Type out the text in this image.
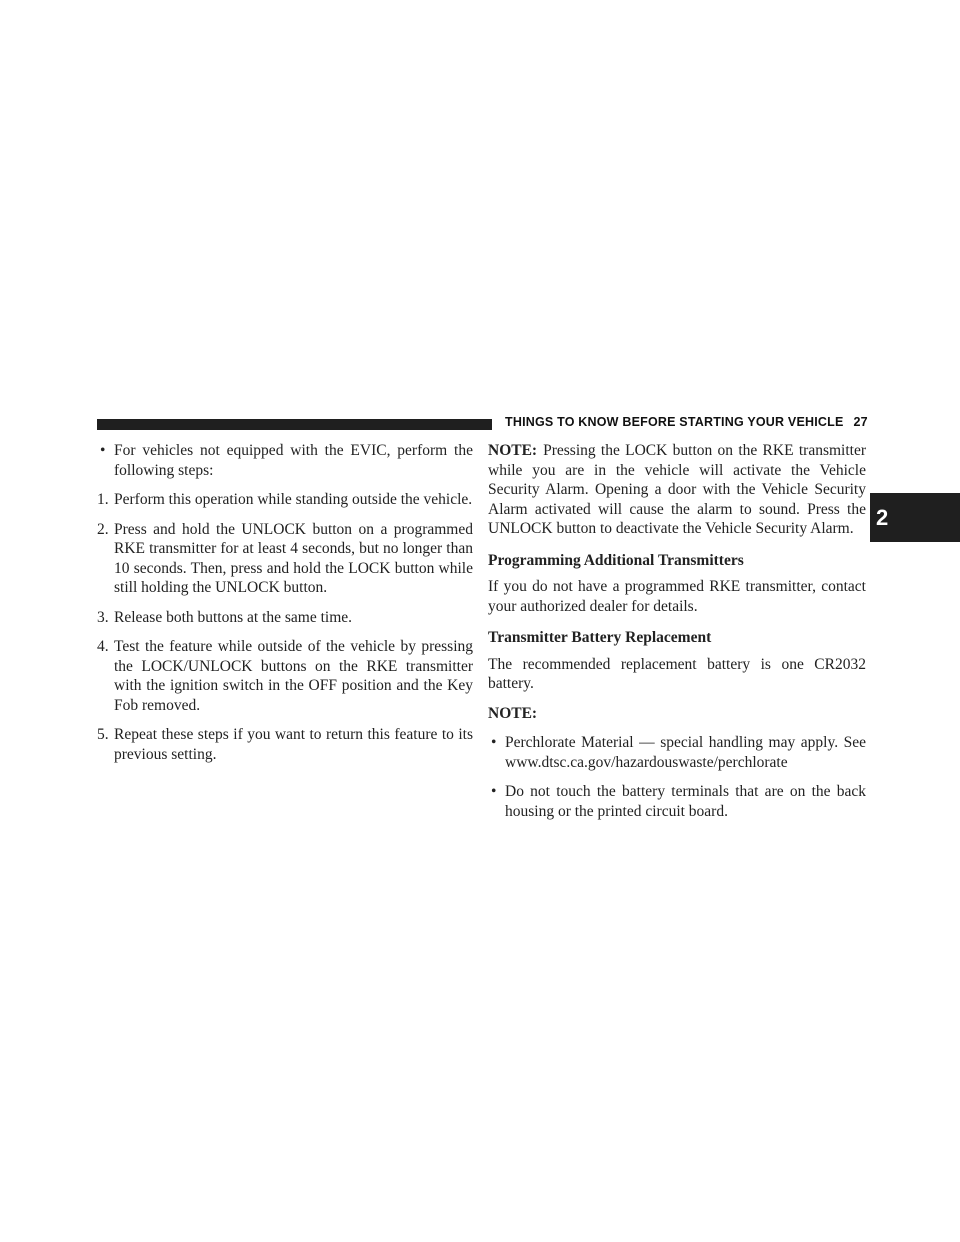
THINGS TO KNOW BEFORE STARTING YOUR VEHICLE 27
2
• For vehicles not equipped with the EVIC, perform the following steps:
1. Perform this operation while standing outside the vehicle.
2. Press and hold the UNLOCK button on a programmed RKE transmitter for at least 4 seconds, but no longer than 10 seconds. Then, press and hold the LOCK button while still holding the UNLOCK button.
3. Release both buttons at the same time.
4. Test the feature while outside of the vehicle by pressing the LOCK/UNLOCK buttons on the RKE transmitter with the ignition switch in the OFF position and the Key Fob removed.
5. Repeat these steps if you want to return this feature to its previous setting.

NOTE: Pressing the LOCK button on the RKE transmitter while you are in the vehicle will activate the Vehicle Security Alarm. Opening a door with the Vehicle Security Alarm activated will cause the alarm to sound. Press the UNLOCK button to deactivate the Vehicle Security Alarm.

Programming Additional Transmitters

If you do not have a programmed RKE transmitter, contact your authorized dealer for details.

Transmitter Battery Replacement

The recommended replacement battery is one CR2032 battery.

NOTE:

• Perchlorate Material — special handling may apply. See www.dtsc.ca.gov/hazardouswaste/perchlorate
• Do not touch the battery terminals that are on the back housing or the printed circuit board.
